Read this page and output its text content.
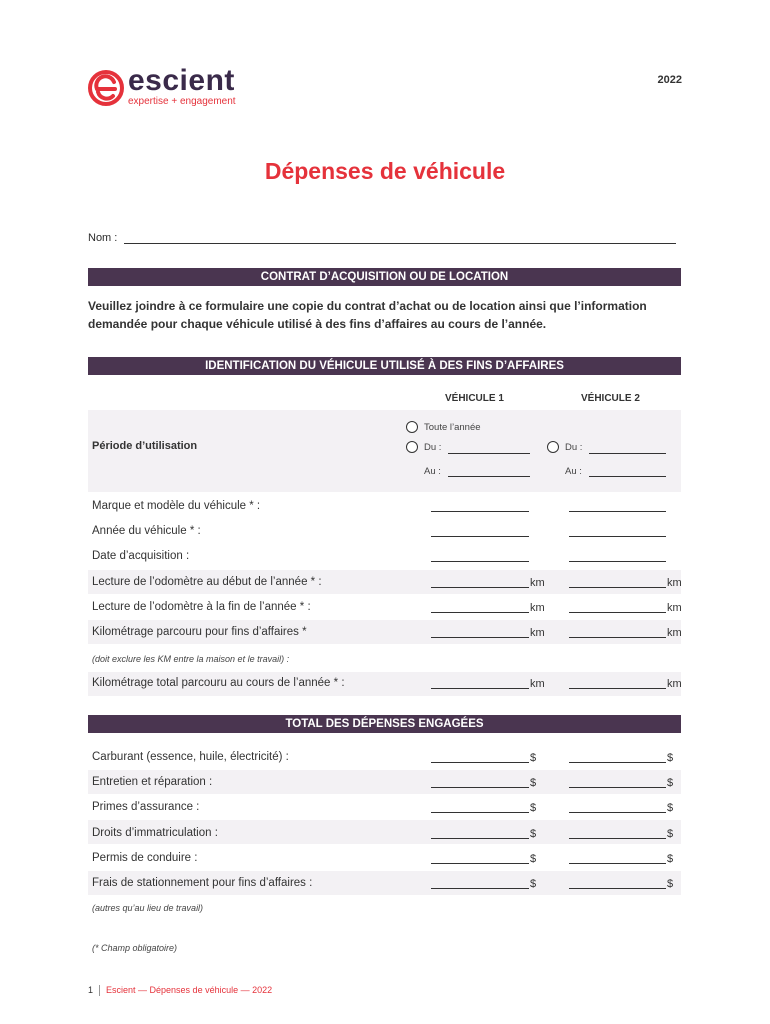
escient
expertise + engagement
2022
Dépenses de véhicule
Nom :
CONTRAT D’ACQUISITION OU DE LOCATION
Veuillez joindre à ce formulaire une copie du contrat d’achat ou de location ainsi que l’information
demandée pour chaque véhicule utilisé à des fins d’affaires au cours de l’année.
IDENTIFICATION DU VÉHICULE UTILISÉ À DES FINS D’AFFAIRES
VÉHICULE 1	VÉHICULE 2
Période d’utilisation
Toute l’année
Du :	Du :
Au :	Au :
Marque et modèle du véhicule * :
Année du véhicule * :
Date d’acquisition :
Lecture de l’odomètre au début de l’année * :	km	km
Lecture de l’odomètre à la fin de l’année * :	km	km
Kilométrage parcouru pour fins d’affaires *	km	km
(doit exclure les KM entre la maison et le travail) :
Kilométrage total parcouru au cours de l’année * :	km	km
TOTAL DES DÉPENSES ENGAGÉES
Carburant (essence, huile, électricité) :	$	$
Entretien et réparation :	$	$
Primes d’assurance :	$	$
Droits d’immatriculation :	$	$
Permis de conduire :	$	$
Frais de stationnement pour fins d’affaires :	$	$
(autres qu’au lieu de travail)
(* Champ obligatoire)
1 Escient — Dépenses de véhicule — 2022
